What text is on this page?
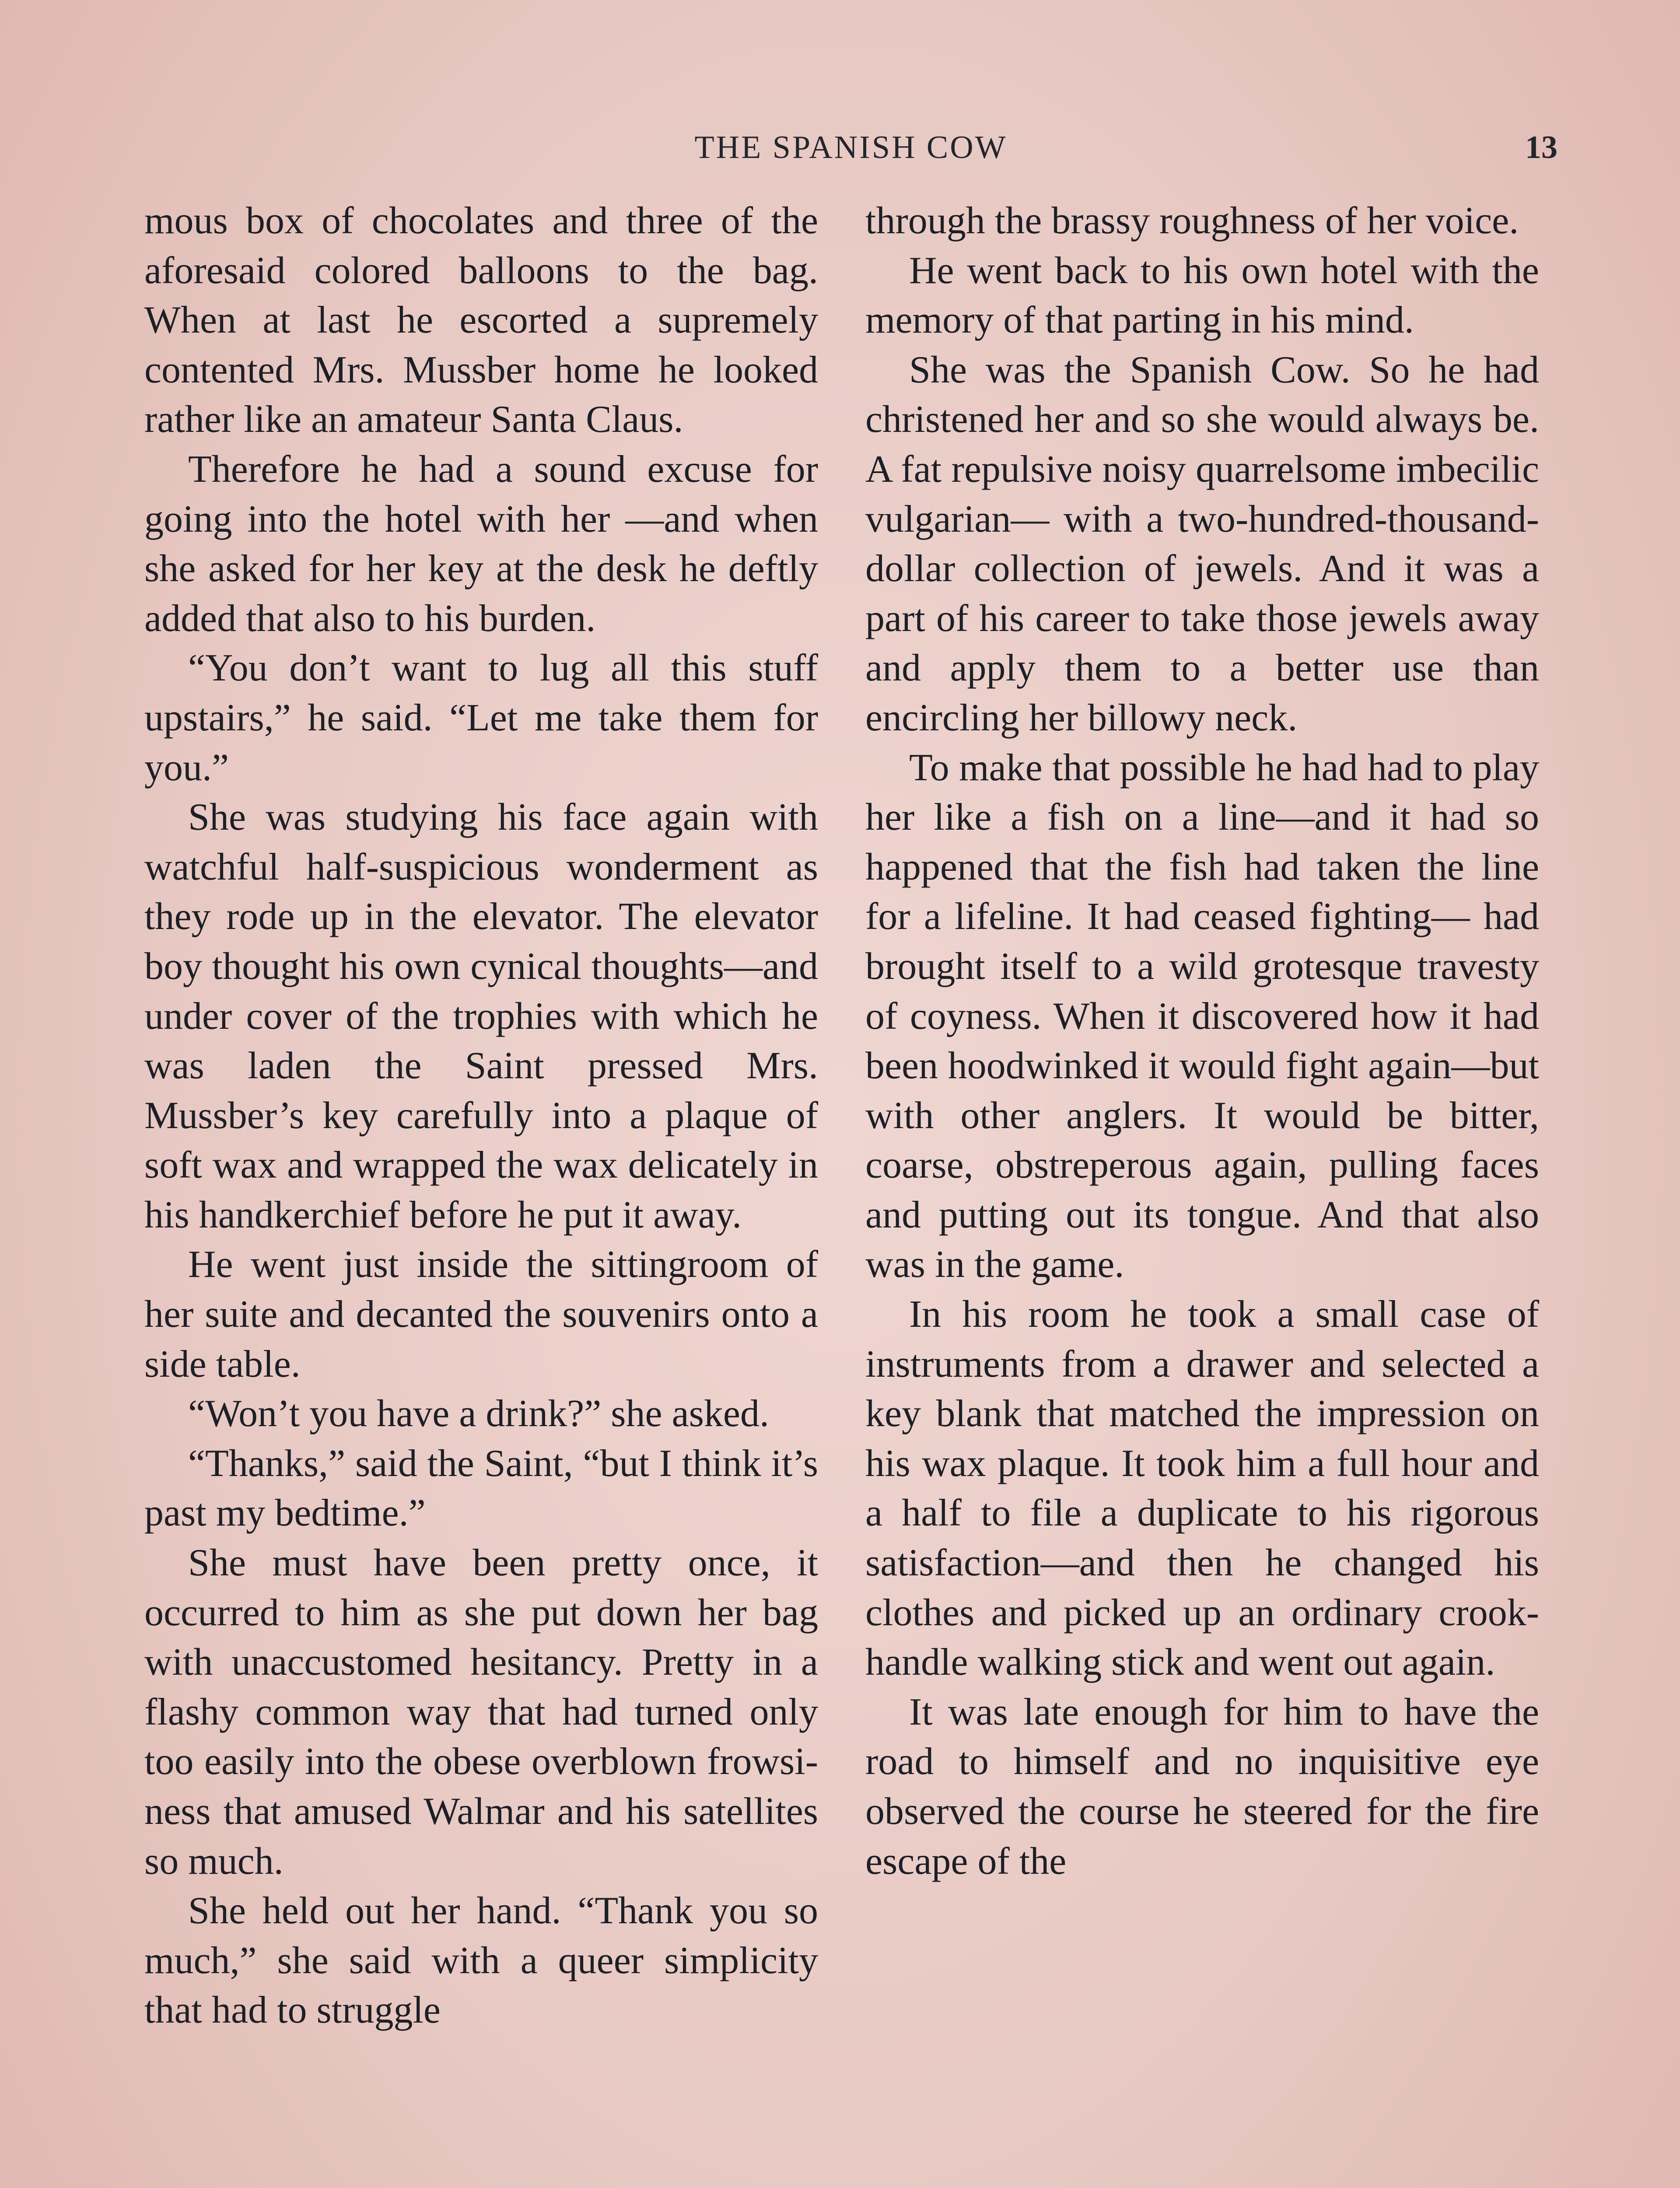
THE SPANISH COW	13

mous box of chocolates and three of the aforesaid colored balloons to the bag. When at last he escorted a supremely contented Mrs. Mussber home he looked rather like an amateur Santa Claus.

Therefore he had a sound excuse for going into the hotel with her —and when she asked for her key at the desk he deftly added that also to his burden.

“You don’t want to lug all this stuff upstairs,” he said. “Let me take them for you.”

She was studying his face again with watchful half-suspicious wonderment as they rode up in the elevator. The elevator boy thought his own cynical thoughts—and under cover of the trophies with which he was laden the Saint pressed Mrs. Mussber’s key carefully into a plaque of soft wax and wrapped the wax delicately in his handkerchief before he put it away.

He went just inside the sittingroom of her suite and decanted the souvenirs onto a side table.

“Won’t you have a drink?” she asked.

“Thanks,” said the Saint, “but I think it’s past my bedtime.”

She must have been pretty once, it occurred to him as she put down her bag with unaccustomed hesitancy. Pretty in a flashy common way that had turned only too easily into the obese overblown frowsiness that amused Walmar and his satellites so much.

She held out her hand. “Thank you so much,” she said with a queer simplicity that had to struggle

through the brassy roughness of her voice.

He went back to his own hotel with the memory of that parting in his mind.

She was the Spanish Cow. So he had christened her and so she would always be. A fat repulsive noisy quarrelsome imbecilic vulgarian— with a two-hundred-thousand-dollar collection of jewels. And it was a part of his career to take those jewels away and apply them to a better use than encircling her billowy neck.

To make that possible he had had to play her like a fish on a line—and it had so happened that the fish had taken the line for a lifeline. It had ceased fighting— had brought itself to a wild grotesque travesty of coyness. When it discovered how it had been hoodwinked it would fight again—but with other anglers. It would be bitter, coarse, obstreperous again, pulling faces and putting out its tongue. And that also was in the game.

In his room he took a small case of instruments from a drawer and selected a key blank that matched the impression on his wax plaque. It took him a full hour and a half to file a duplicate to his rigorous satisfaction—and then he changed his clothes and picked up an ordinary crook-handle walking stick and went out again.

It was late enough for him to have the road to himself and no inquisitive eye observed the course he steered for the fire escape of the
